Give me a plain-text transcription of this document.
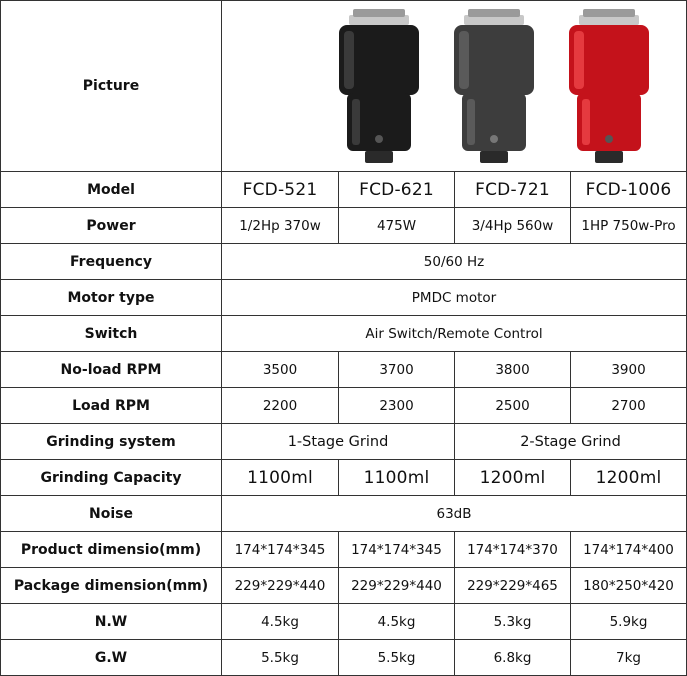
Picture	

Model	FCD-521	FCD-621	FCD-721	FCD-1006
Power	1/2Hp 370w	475W	3/4Hp 560w	1HP 750w-Pro
Frequency	50/60 Hz			
Motor type	PMDC motor			
Switch	Air Switch/Remote Control			
No-load RPM	3500	3700	3800	3900
Load RPM	2200	2300	2500	2700
Grinding system	1-Stage Grind		2-Stage Grind	
Grinding Capacity	1100ml	1100ml	1200ml	1200ml
Noise	63dB			
Product dimensio(mm)	174*174*345	174*174*345	174*174*370	174*174*400
Package dimension(mm)	229*229*440	229*229*440	229*229*465	180*250*420
N.W	4.5kg	4.5kg	5.3kg	5.9kg
G.W	5.5kg	5.5kg	6.8kg	7kg
